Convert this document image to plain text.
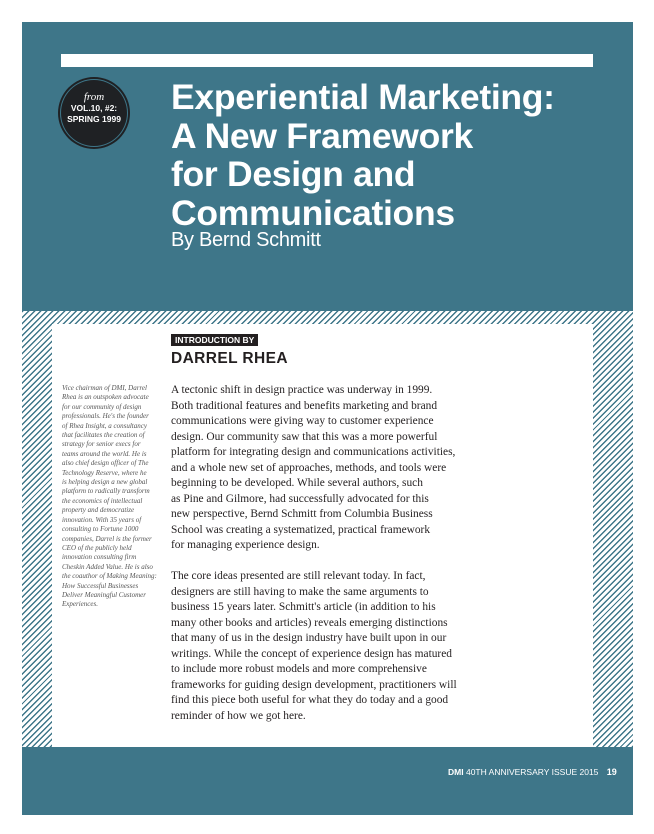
from
VOL.10, #2:
SPRING 1999
Experiential Marketing:
A New Framework
for Design and
Communications
By Bernd Schmitt
INTRODUCTION BY
DARREL RHEA
Vice chairman of DMI, Darrel
Rhea is an outspoken advocate
for our community of design
professionals. He's the founder
of Rhea Insight, a consultancy
that facilitates the creation of
strategy for senior execs for
teams around the world. He is
also chief design officer of The
Technology Reserve, where he
is helping design a new global
platform to radically transform
the economics of intellectual
property and democratize
innovation. With 35 years of
consulting to Fortune 1000
companies, Darrel is the former
CEO of the publicly held
innovation consulting firm
Cheskin Added Value. He is also
the coauthor of Making Meaning:
How Successful Businesses
Deliver Meaningful Customer
Experiences.

A tectonic shift in design practice was underway in 1999.
Both traditional features and benefits marketing and brand
communications were giving way to customer experience
design. Our community saw that this was a more powerful
platform for integrating design and communications activities,
and a whole new set of approaches, methods, and tools were
beginning to be developed. While several authors, such
as Pine and Gilmore, had successfully advocated for this
new perspective, Bernd Schmitt from Columbia Business
School was creating a systematized, practical framework
for managing experience design.

The core ideas presented are still relevant today. In fact,
designers are still having to make the same arguments to
business 15 years later. Schmitt's article (in addition to his
many other books and articles) reveals emerging distinctions
that many of us in the design industry have built upon in our
writings. While the concept of experience design has matured
to include more robust models and more comprehensive
frameworks for guiding design development, practitioners will
find this piece both useful for what they do today and a good
reminder of how we got here.

DMI 40TH ANNIVERSARY ISSUE 2015 19
